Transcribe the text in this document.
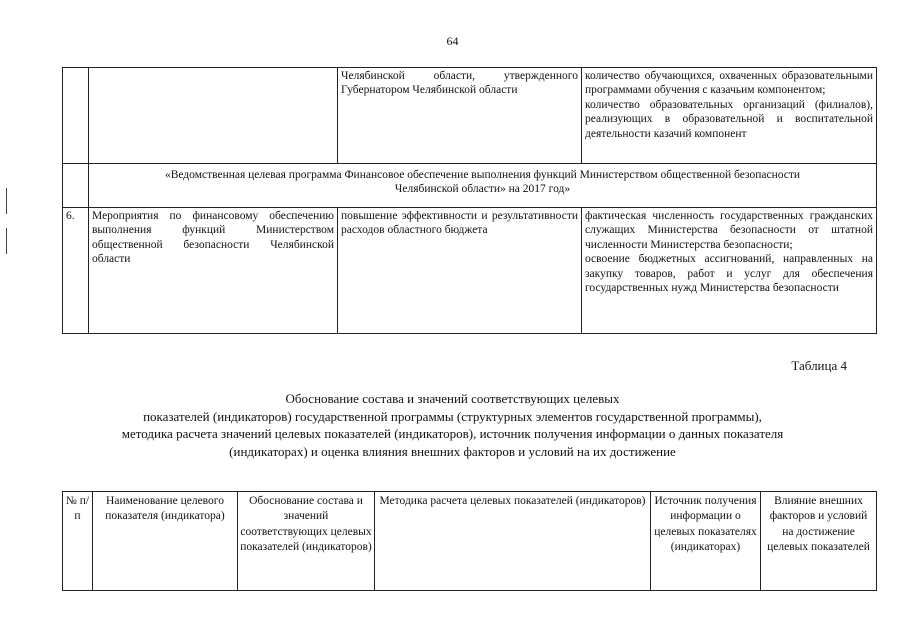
64
		Челябинской области, утвержденного Губернатором Челябинской области	количество обучающихся, охваченных образовательными программами обучения с казачьим компонентом;
количество образовательных организаций (филиалов), реализующих в образовательной и воспитательной деятельности казачий компонент

	«Ведомственная целевая программа Финансовое обеспечение выполнения функций Министерством общественной безопасности
Челябинской области» на 2017 год»		

6.	Мероприятия по финансовому обеспечению выполнения функций Министерством общественной безопасности Челябинской области	повышение эффективности и результативности расходов областного бюджета	фактическая численность государственных гражданских служащих Министерства безопасности от штатной численности Министерства безопасности;
освоение бюджетных ассигнований, направленных на закупку товаров, работ и услуг для обеспечения государственных нужд Министерства безопасности
Таблица 4
Обоснование состава и значений соответствующих целевых
показателей (индикаторов) государственной программы (структурных элементов государственной программы),
методика расчета значений целевых показателей (индикаторов), источник получения информации о данных показателя
(индикаторах) и оценка влияния внешних факторов и условий на их достижение
№ п/п	Наименование целевого показателя (индикатора)	Обоснование состава и значений соответствующих целевых показателей (индикаторов)	Методика расчета целевых показателей (индикаторов)	Источник получения информации о целевых показателях (индикаторах)	Влияние внешних факторов и условий на достижение целевых показателей
